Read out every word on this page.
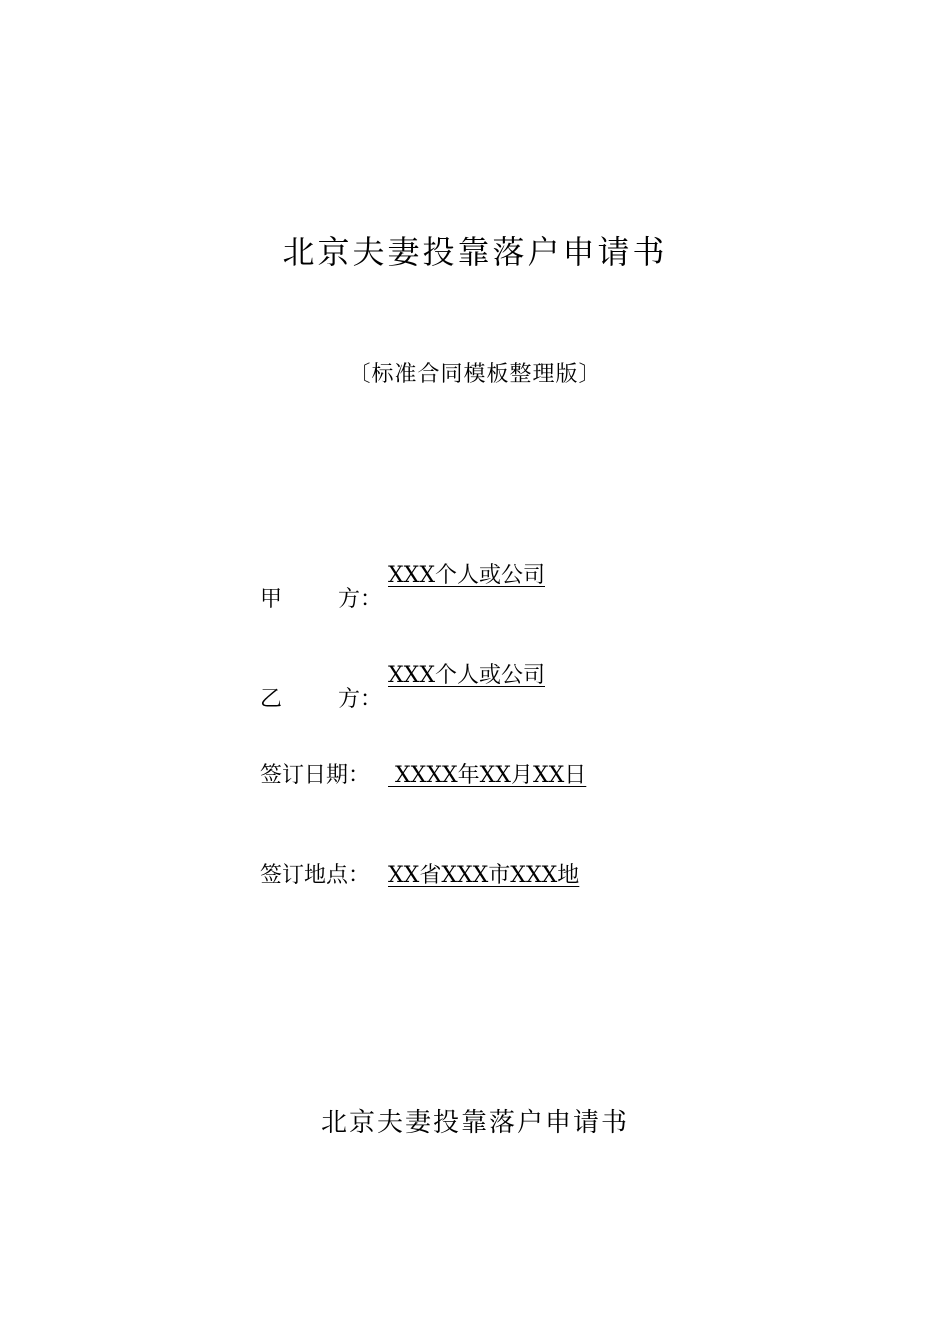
北京夫妻投靠落户申请书
〔标准合同模板整理版〕
甲	方：
XXX个人或公司
乙	方：
XXX个人或公司
签订日期： XXXX年XX月XX日
签订地点： XX省XXX市XXX地
北京夫妻投靠落户申请书
